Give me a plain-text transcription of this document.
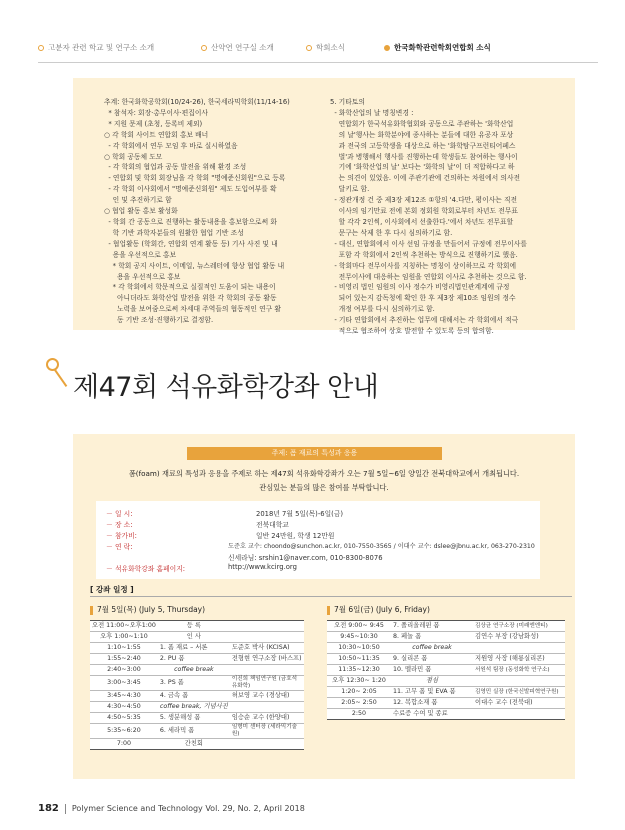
고분자 관련 학교 및 연구소 소개	산약연 연구실 소개	학회소식	한국화학관련학회연합회 소식
추계: 한국화학공학회(10/24-26), 한국세라믹학회(11/14-16)
* 참석자: 회장·총무이사·편집이사
* 지원 문제 (초청, 등록비 제외)
○ 각 학회 사이트 연합회 홍보 배너
- 각 학회에서 연두 모임 후 바로 실시하였음
○ 학회 공동체 도모
- 각 학회의 협업과 공동 발전을 위해 환경 조성
- 연합회 및 학회 회장님을 각 학회 "명예준신회원"으로 등록
- 각 학회 이사회에서 "명예준신회원" 제도 도입여부를 확
인 및 추진하기로 함
○ 협업 활동 홍보 활성화
- 학회 간 공동으로 진행하는 활동내용을 홍보함으로써 화
학 기반 과학자분들의 원활한 협업 기반 조성
- 협업활동 (학회간, 연합회 연계 활동 등) 기사 사진 및 내
용을 우선적으로 홍보
* 학회 공지 사이트, 이메일, 뉴스레터에 향상 협업 활동 내
용을 우선적으로 홍보
* 각 학회에서 학문적으로 실질적인 도움이 되는 내용이
아니더라도 화학산업 발전을 위한 각 학회의 공동 활동
노력을 보여줌으로써 차세대 주역들의 협동적인 연구 활
동 기반 조성·진행하기로 결정함.
5. 기타토의
- 화학산업의 날 명칭변경 :
연합회가 한국석유화학협회와 공동으로 주관하는 '화학산업
의 날'행사는 화학분야에 종사하는 분들에 대한 유공자 포상
과 전국의 고등학생을 대상으로 하는 '화학탐구프런티어페스
벌'과 병행해서 행사를 진행하는데 학생들도 참여하는 행사이
기에 '화학산업의 날' 보다는 '화학의 날'이 더 적합하다고 하
는 의견이 있었음. 이에 주관기관에 건의하는 차원에서 의사전
달키로 함.
- 정관개정 건 중 제3장 제12조 ①항의 '4.다만, 평이사는 직전
이사의 임기만료 전에 본회 정회원 학회로부터 차년도 전무표
할 각각 2인씩, 이사회에서 선출한다.'에서 차년도 전무표할
문구는 삭제 한 후 다시 심의하기로 함.
- 대신, 연합회에서 이사 선임 규정을 만들어서 규정에 전무이사를
포함 각 학회에서 2인씩 추천하는 방식으로 진행하기로 했음.
- 학회마다 전무이사를 지칭하는 명칭이 상이하므로 각 학회에
전무이사에 대응하는 임원을 연합회 이사로 추천하는 것으로 함.
- 비영리 법인 임원의 이사 정수가 비영리법인관계계에 규정
되어 있는지 감독청에 확인 한 후 제3장 제10조 임원의 정수
개정 여부를 다시 심의하기로 함.
- 기타 연합회에서 추진하는 업무에 대해서는 각 학회에서 적극
적으로 협조하여 상호 발전할 수 있도록 등의 합의함.
제47회 석유화학강좌 안내
주제: 폼 재료의 특성과 응용
폼(foam) 재료의 특성과 응용을 주제로 하는 제47회 석유화학강좌가 오는 7월 5일~6일 양일간 전북대학교에서 개최됩니다.
관심있는 분들의 많은 참여를 부탁합니다.
－ 일 시:	2018년 7월 5일(목)-6일(금)
－ 장 소:	전북대학교
－ 참가비:	일반 24만원, 학생 12만원
－ 연 락:	도준호 교수: choondo@sunchon.ac.kr, 010-7550-3565 / 이대수 교수: dslee@jbnu.ac.kr, 063-270-2310
신세라님: srshin1@naver.com, 010-8300-8076
－ 석유화학강좌 홈페이지:	http://www.kcirg.org
[ 강좌 일정 ]
7월 5일(목) (July 5, Thursday)	7월 6일(금) (July 6, Friday)
오전 11:00~오후1:00	등 록	
오후 1:00~1:10	인 사	
1:10~1:55	1. 폼 재료 – 서론	도준호 박사 (KCISA)
1:55~2:40	2. PU 폼	전형현 연구소장 (바스프)
2:40~3:00	coffee break	
3:00~3:45	3. PS 폼	이진희 책임연구원 (금호석유화학)
3:45~4:30	4. 금속 폼	허보영 교수 (경상대)
4:30~4:50	coffee break, 기념사진	
4:50~5:35	5. 생분해성 폼	임승순 교수 (한양대)
5:35~6:20	6. 세라믹 폼	임형미 센터장 (세라믹기술원)
7:00	간친회	
오전 9:00~ 9:45	7. 폴리올레핀 폼	김상균 연구소장 (미래엔엔티)
9:45~10:30	8. 페놀 폼	김연수 부장 (강남화성)
10:30~10:50	coffee break	
10:50~11:35	9. 실리콘 폼	지원영 사장 (해룡실리콘)
11:35~12:30	10. 멜라민 폼	서원석 팀장 (동성화학 연구소)
오후 12:30~ 1:20	점심	
1:20~ 2:05	11. 고무 폼 및 EVA 폼	김영민 실장 (한국신발피혁연구원)
2:05~ 2:50	12. 복합소재 폼	이대수 교수 (전북대)
2:50	수료증 수여 및 종료	
182 Polymer Science and Technology Vol. 29, No. 2, April 2018
